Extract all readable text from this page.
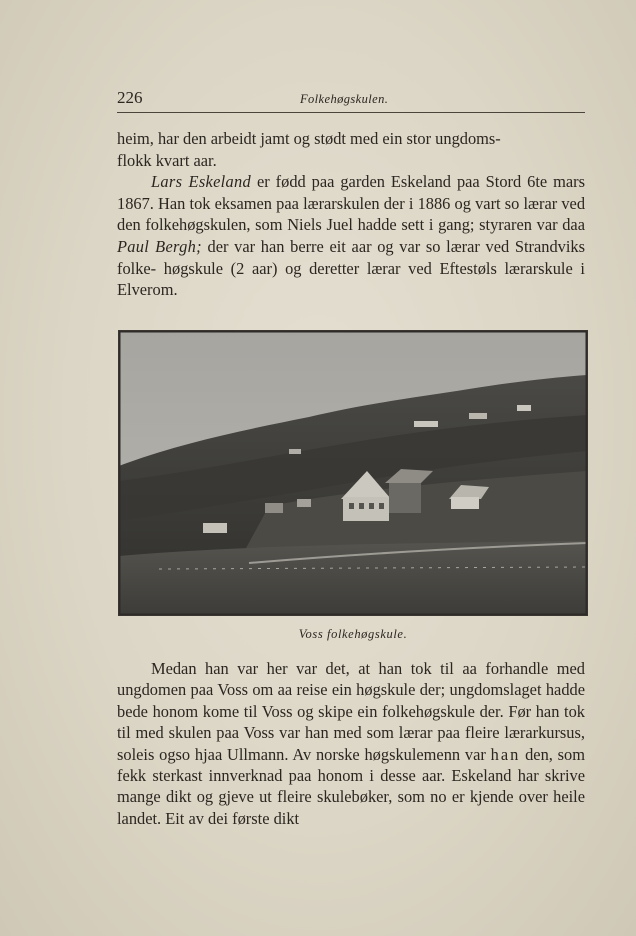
226	Folkehøgskulen.

heim, har den arbeidt jamt og stødt med ein stor ungdoms-
flokk kvart aar.

Lars Eskeland er fødd paa garden Eskeland paa Stord 6te mars 1867. Han tok eksamen paa lærarskulen der i 1886 og vart so lærar ved den folkehøgskulen, som Niels Juel hadde sett i gang; styraren var daa Paul Bergh; der var han berre eit aar og var so lærar ved Strandviks folke- høgskule (2 aar) og deretter lærar ved Eftestøls lærarskule i Elverom.

Voss folkehøgskule.

Medan han var her var det, at han tok til aa forhandle med ungdomen paa Voss om aa reise ein høgskule der; ungdomslaget hadde bede honom kome til Voss og skipe ein folkehøgskule der. Før han tok til med skulen paa Voss var han med som lærar paa fleire lærarkursus, soleis ogso hjaa Ullmann. Av norske høgskulemenn var han den, som fekk sterkast innverknad paa honom i desse aar. Eskeland har skrive mange dikt og gjeve ut fleire skulebøker, som no er kjende over heile landet. Eit av dei første dikt
